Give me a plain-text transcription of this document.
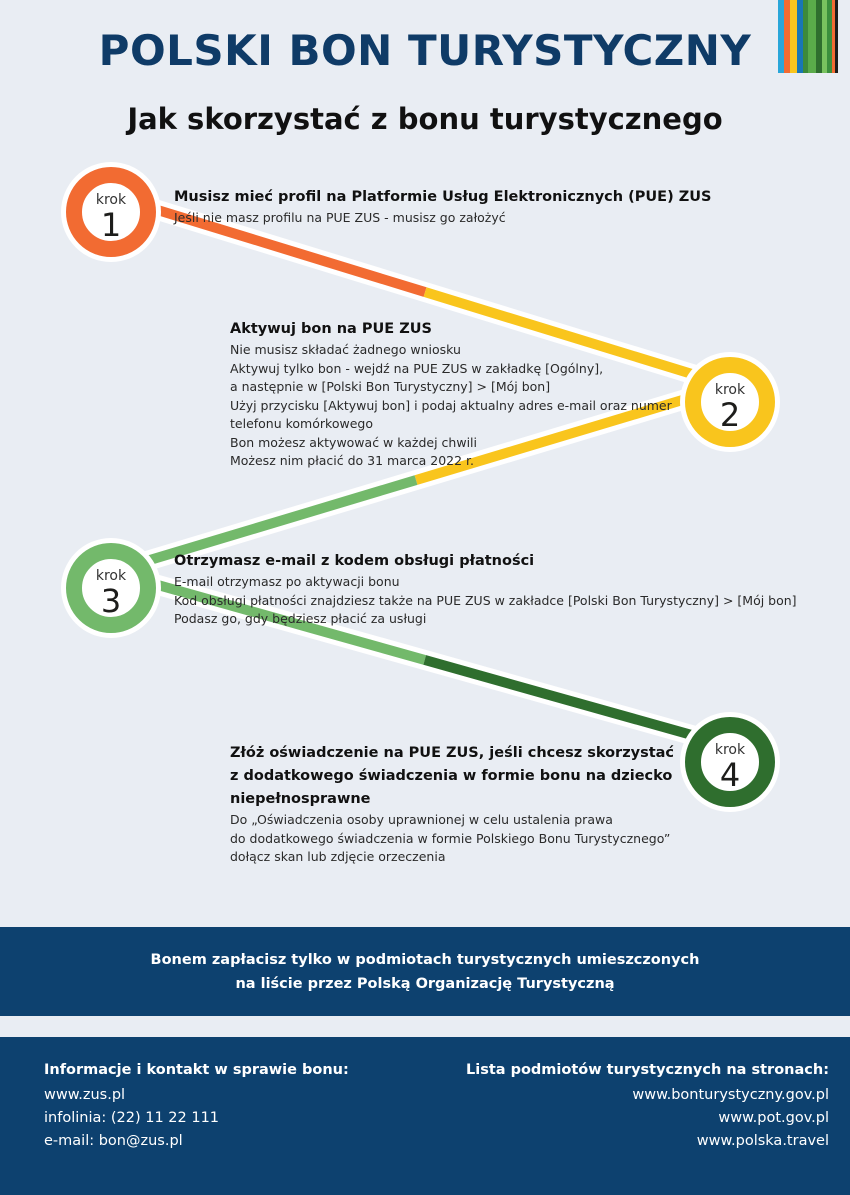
POLSKI BON TURYSTYCZNY
Jak skorzystać z bonu turystycznego
krok
1
krok
2
krok
3
krok
4
Musisz mieć profil na Platformie Usług Elektronicznych (PUE) ZUS
Jeśli nie masz profilu na PUE ZUS - musisz go założyć
Aktywuj bon na PUE ZUS
Nie musisz składać żadnego wniosku
Aktywuj tylko bon - wejdź na PUE ZUS w zakładkę [Ogólny],
a następnie w [Polski Bon Turystyczny] > [Mój bon]
Użyj przycisku [Aktywuj bon] i podaj aktualny adres e-mail oraz numer
telefonu komórkowego
Bon możesz aktywować w każdej chwili
Możesz nim płacić do 31 marca 2022 r.
Otrzymasz e-mail z kodem obsługi płatności
E-mail otrzymasz po aktywacji bonu
Kod obsługi płatności znajdziesz także na PUE ZUS w zakładce [Polski Bon Turystyczny] > [Mój bon]
Podasz go, gdy będziesz płacić za usługi
Złóż oświadczenie na PUE ZUS, jeśli chcesz skorzystać
z dodatkowego świadczenia w formie bonu na dziecko
niepełnosprawne
Do „Oświadczenia osoby uprawnionej w celu ustalenia prawa
do dodatkowego świadczenia w formie Polskiego Bonu Turystycznego”
dołącz skan lub zdjęcie orzeczenia
Bonem zapłacisz tylko w podmiotach turystycznych umieszczonych
na liście przez Polską Organizację Turystyczną
Informacje i kontakt w sprawie bonu:
www.zus.pl
infolinia: (22) 11 22 111
e-mail: bon@zus.pl
Lista podmiotów turystycznych na stronach:
www.bonturystyczny.gov.pl
www.pot.gov.pl
www.polska.travel
